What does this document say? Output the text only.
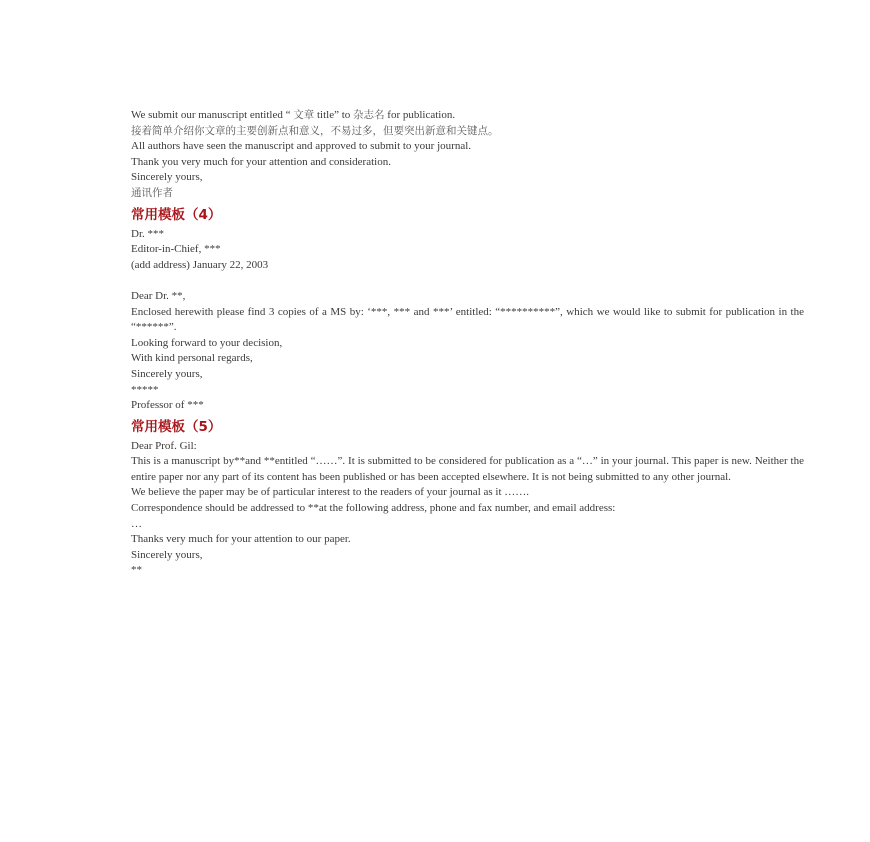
We submit our manuscript entitled “ 文章 title” to 杂志名 for publication.
接着简单介绍你文章的主要创新点和意义，不易过多，但要突出新意和关键点。
All authors have seen the manuscript and approved to submit to your journal.
Thank you very much for your attention and consideration.
Sincerely yours,
通讯作者
常用模板（4）
Dr. ***
Editor-in-Chief, ***
(add address) January 22, 2003
Dear Dr. **,
Enclosed herewith please find 3 copies of a MS by: ‘***, *** and ***’ entitled: “**********”, which we would like to submit for publication in the “******”.
Looking forward to your decision,
With kind personal regards,
Sincerely yours,
*****
Professor of ***
常用模板（5）
Dear Prof. Gil:
This is a manuscript by**and **entitled “……”. It is submitted to be considered for publication as a “…” in your journal. This paper is new. Neither the entire paper nor any part of its content has been published or has been accepted elsewhere. It is not being submitted to any other journal.
We believe the paper may be of particular interest to the readers of your journal as it …….
Correspondence should be addressed to **at the following address, phone and fax number, and email address:
…
Thanks very much for your attention to our paper.
Sincerely yours,
**
